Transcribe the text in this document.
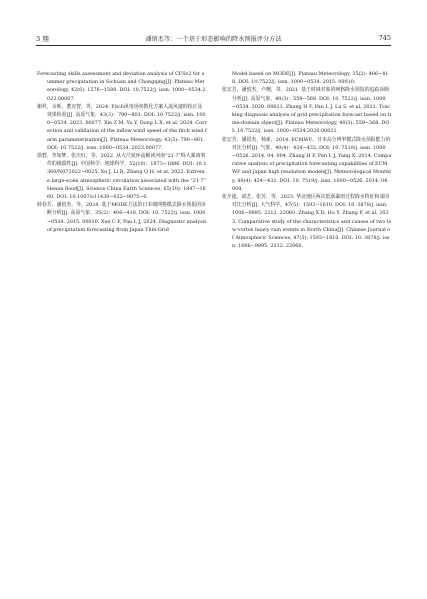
3 期	潘留杰等：一个基于形态影响的降水预报评分方法	745

Forecasting skills assessment and deviation analysis of CFSv2 for summer precipitation in Sichuan and Chongqing[J]. Plateau Meteorology, 42(6): 1576−1588. DOI: 10.7522/j. issn. 1000−0534.2023.00007.

谢祥，余晖，董克智，等，2024. Fitch风电场参数化方案入流风速的校正及效果检验[J]. 高原气象，43(3)：790−801. DOI: 10.7522/j. issn. 1000−0534. 2023. 00077. Xie Z M, Yu Y, Dong L X, et al, 2024. Correction and validation of the inflow wind speed of the fitch wind farm parameterization[J]. Plateau Meteorology, 43(3): 790−801. DOI: 10.7522/j. issn. 1000−0534. 2023.00077.

徐碧，李如梦，张庆红，等，2022. 从大尺度环流解读河南“21·7”特大暴雨事件的极端性[J]. 中国科学：地球科学，52(10)：1873−1886. DOI: 10.1360/N072022−0025. Xu J, Li R, Zhang Q H, et al, 2022. Extreme large-scale atmospheric circulation associated with the “21·7” Henan flood[J]. Science China Earth Sciences, 65(10): 1847−1860. DOI: 10.1007/s11430−022−9975−0.

薛春芳，潘留杰，等，2024. 基于MODE方法的日本细网格模式降水预报的诊断分析[J]. 高原气象，35(2)：406−418. DOI: 10. 7522/j. issn. 1000−0534. 2015. 00010. Xue C F, Pan L J, 2024. Diagnostic analysis of precipitation forecasting from Japan Thin-Grid

Model based on MODE[J]. Plateau Meteorology, 35(2): 406−418. DOI: 10.7522/j. issn. 1000−0534. 2015. 00010.

张宏芳，潘留杰，卢珊，等，2021. 基于时域对象的网格降水预报的追踪诊断分析[J]. 高原气象，40(3)：559−568. DOI: 10. 7522/j. issn. 1000−0534. 2020. 00021. Zhang H F, Pan L J, Lu S, et al, 2021. Tracking diagnosis analysis of grid precipitation forecast based on time-domain object[J]. Plateau Meteorology, 40(3): 559−568. DOI: 10.7522/j. issn. 1000−0534.2020.00021.

张宏芳，潘留杰，杨新，2014. ECMWF、日本高分辨率模式降水预报能力的对比分析[J]. 气象，40(4)：424−432. DOI: 10. 7519/j. issn. 1000−0526. 2014. 04. 004. Zhang H F, Pan L J, Yang X, 2014. Comparative analysis of precipitation forecasting capabilities of ECMWF and Japan high resolution models[J]. Meteorological Monthly, 40(4): 424−432. DOI: 10. 7519/j. issn. 1000−0526. 2014. 04. 004.

张夕迪，胡艺，张芳，等，2023. 华北地区两次低涡暴雨过程降水特征和成因对比分析[J]. 大气科学，47(5)：1593−1610. DOI: 10. 3878/j. issn. 1006−9895. 2212. 22060. Zhang X D, Hu Y, Zhang F, et al, 2023. Comparative study of the characteristics and causes of two low-vortex heavy rain events in North China[J]. Chinese Journal of Atmospheric Sciences, 47(5): 1593−1610. DOI: 10. 3878/j. issn. 1006−9895. 2212. 22060.
